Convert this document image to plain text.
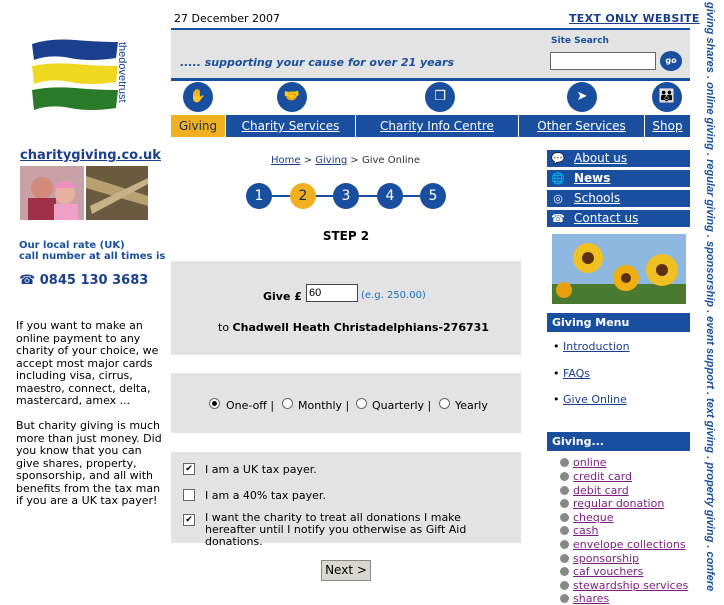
thedovetrust
charitygiving.co.uk
Our local rate (UK)
call number at all times is
☎ 0845 130 3683
If you want to make an online payment to any charity of your choice, we accept most major cards including visa, cirrus, maestro, connect, delta, mastercard, amex ...
But charity giving is much more than just money. Did you know that you can give shares, property, sponsorship, and all with benefits from the tax man if you are a UK tax payer!
27 December 2007	TEXT ONLY WEBSITE
..... supporting your cause for over 21 years
Site Search
go
✋	🤝	❐	➤	👪
Giving	Charity Services	Charity Info Centre	Other Services	Shop
Home > Giving > Give Online
1	2	3	4	5
STEP 2
Give £
60	(e.g. 250.00)
to Chadwell Heath Christadelphians-276731
One-off | Monthly | Quarterly | Yearly
✔ I am a UK tax payer.
I am a 40% tax payer.
✔ I want the charity to treat all donations I make hereafter until I notify you otherwise as Gift Aid donations.
Next >
💬 About us
🌐 News
◎ Schools
☎ Contact us
Giving Menu
• Introduction
• FAQs
• Give Online
Giving...
online
credit card
debit card
regular donation
cheque
cash
envelope collections
sponsorship
caf vouchers
stewardship services
shares
giving shares . online giving . regular giving . sponsorship . event support . text giving . property giving . confere
